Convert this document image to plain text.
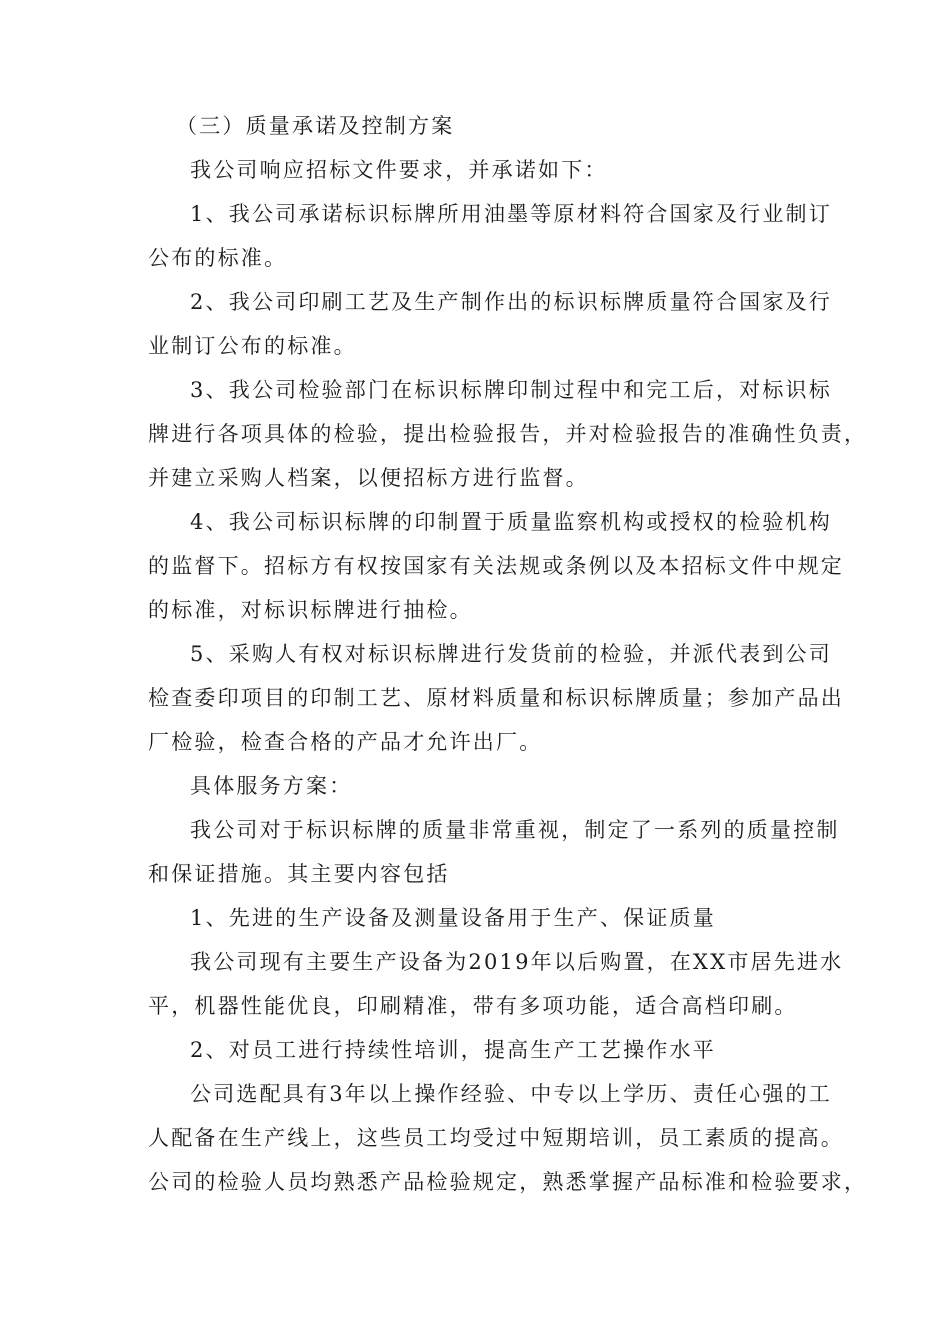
（三）质量承诺及控制方案
我公司响应招标文件要求，并承诺如下：
1、我公司承诺标识标牌所用油墨等原材料符合国家及行业制订
公布的标准。
2、我公司印刷工艺及生产制作出的标识标牌质量符合国家及行
业制订公布的标准。
3、我公司检验部门在标识标牌印制过程中和完工后，对标识标
牌进行各项具体的检验，提出检验报告，并对检验报告的准确性负责，
并建立采购人档案，以便招标方进行监督。
4、我公司标识标牌的印制置于质量监察机构或授权的检验机构
的监督下。招标方有权按国家有关法规或条例以及本招标文件中规定
的标准，对标识标牌进行抽检。
5、采购人有权对标识标牌进行发货前的检验，并派代表到公司
检查委印项目的印制工艺、原材料质量和标识标牌质量；参加产品出
厂检验，检查合格的产品才允许出厂。
具体服务方案：
我公司对于标识标牌的质量非常重视，制定了一系列的质量控制
和保证措施。其主要内容包括
1、先进的生产设备及测量设备用于生产、保证质量
我公司现有主要生产设备为2019年以后购置，在XX市居先进水
平，机器性能优良，印刷精准，带有多项功能，适合高档印刷。
2、对员工进行持续性培训，提高生产工艺操作水平
公司选配具有3年以上操作经验、中专以上学历、责任心强的工
人配备在生产线上，这些员工均受过中短期培训，员工素质的提高。
公司的检验人员均熟悉产品检验规定，熟悉掌握产品标准和检验要求，
